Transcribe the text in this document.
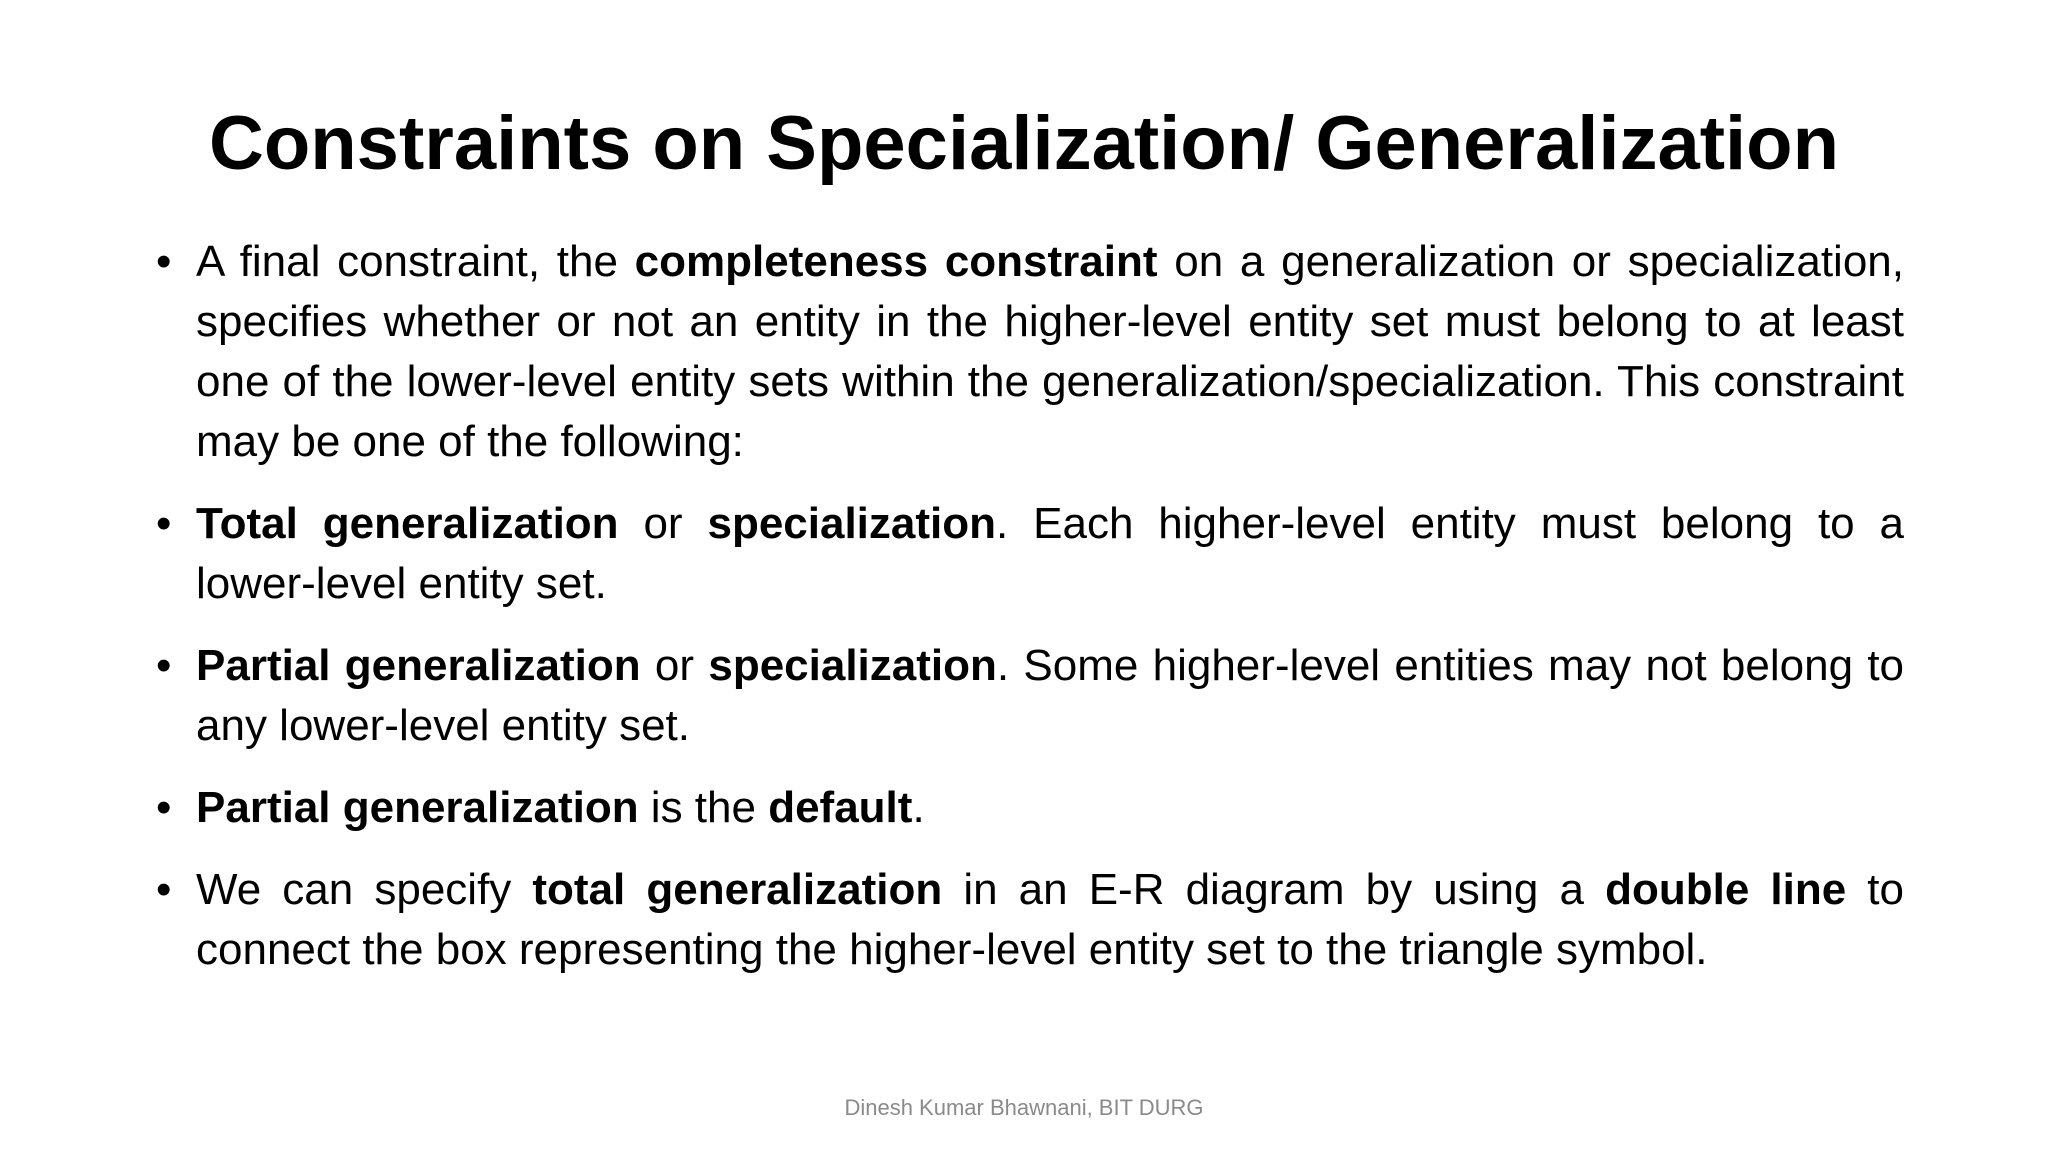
Constraints on Specialization/ Generalization
• A final constraint, the completeness constraint on a generalization or specialization, specifies whether or not an entity in the higher-level entity set must belong to at least one of the lower-level entity sets within the generalization/specialization. This constraint may be one of the following:
• Total generalization or specialization. Each higher-level entity must belong to a lower-level entity set.
• Partial generalization or specialization. Some higher-level entities may not belong to any lower-level entity set.
• Partial generalization is the default.
• We can specify total generalization in an E-R diagram by using a double line to connect the box representing the higher-level entity set to the triangle symbol.
Dinesh Kumar Bhawnani, BIT DURG
